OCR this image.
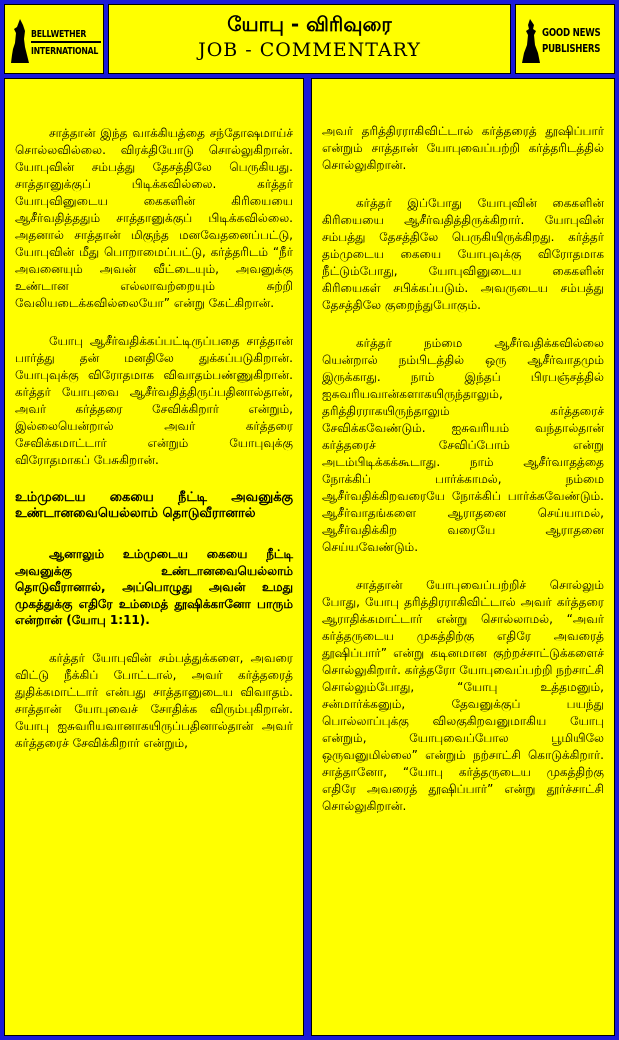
BELLWETHER
INTERNATIONAL
யோபு - விரிவுரை
JOB - COMMENTARY
GOOD NEWS
PUBLISHERS

சாத்தான் இந்த வாக்கியத்தை சந்தோஷமாய்ச் சொல்லவில்லை. விரக்தியோடு சொல்லுகிறான். யோபுவின் சம்பத்து தேசத்திலே பெருகியது. சாத்தானுக்குப் பிடிக்கவில்லை. கர்த்தர் யோபுவினுடைய கைகளின் கிரியையை ஆசீர்வதித்ததும் சாத்தானுக்குப் பிடிக்கவில்லை. அதனால் சாத்தான் மிகுந்த மனவேதனைப்பட்டு, யோபுவின் மீது பொறாமைப்பட்டு, கர்த்தரிடம் “நீர் அவனையும் அவன் வீட்டையும், அவனுக்கு உண்டான எல்லாவற்றையும் சுற்றி வேலியடைக்கவில்லையோ” என்று கேட்கிறான்.

யோபு ஆசீர்வதிக்கப்பட்டிருப்பதை சாத்தான் பார்த்து தன் மனதிலே துக்கப்படுகிறான். யோபுவுக்கு விரோதமாக விவாதம்பண்ணுகிறான். கர்த்தர் யோபுவை ஆசீர்வதித்திருப்பதினால்தான், அவர் கர்த்தரை சேவிக்கிறார் என்றும், இல்லையென்றால் அவர் கர்த்தரை சேவிக்கமாட்டார் என்றும் யோபுவுக்கு விரோதமாகப் பேசுகிறான்.

உம்முடைய கையை நீட்டி அவனுக்கு உண்டானவையெல்லாம் தொடுவீரானால்

ஆனாலும் உம்முடைய கையை நீட்டி அவனுக்கு உண்டானவையெல்லாம் தொடுவீரானால், அப்பொழுது அவன் உமது முகத்துக்கு எதிரே உம்மைத் தூஷிக்கானோ பாரும் என்றான் (யோபு 1:11).

கர்த்தர் யோபுவின் சம்பத்துக்களை, அவரை விட்டு நீக்கிப் போட்டால், அவர் கர்த்தரைத் துதிக்கமாட்டார் என்பது சாத்தானுடைய விவாதம். சாத்தான் யோபுவைச் சோதிக்க விரும்புகிறான். யோபு ஐசுவரியவானாகயிருப்பதினால்தான் அவர் கர்த்தரைச் சேவிக்கிறார் என்றும்,

அவர் தரித்திரராகிவிட்டால் கர்த்தரைத் தூஷிப்பார் என்றும் சாத்தான் யோபுவைப்பற்றி கர்த்தரிடத்தில் சொல்லுகிறான்.

கர்த்தர் இப்போது யோபுவின் கைகளின் கிரியையை ஆசீர்வதித்திருக்கிறார். யோபுவின் சம்பத்து தேசத்திலே பெருகியிருக்கிறது. கர்த்தர் தம்முடைய கையை யோபுவுக்கு விரோதமாக நீட்டும்போது, யோபுவினுடைய கைகளின் கிரியைகள் சபிக்கப்படும். அவருடைய சம்பத்து தேசத்திலே குறைந்துபோகும்.

கர்த்தர் நம்மை ஆசீர்வதிக்கவில்லை யென்றால் நம்பிடத்தில் ஒரு ஆசீர்வாதமும் இருக்காது. நாம் இந்தப் பிரபஞ்சத்தில் ஐசுவரியவான்களாகயிருந்தாலும், தரித்திரராகயிருந்தாலும் கர்த்தரைச் சேவிக்கவேண்டும். ஐசுவரியம் வந்தால்தான் கர்த்தரைச் சேவிப்போம் என்று அடம்பிடிக்கக்கூடாது. நாம் ஆசீர்வாதத்தை நோக்கிப் பார்க்காமல், நம்மை ஆசீர்வதிக்கிறவரையே நோக்கிப் பார்க்கவேண்டும். ஆசீர்வாதங்களை ஆராதனை செய்யாமல், ஆசீர்வதிக்கிற வரையே ஆராதனை செய்யவேண்டும்.

சாத்தான் யோபுவைப்பற்றிச் சொல்லும் போது, யோபு தரித்திரராகிவிட்டால் அவர் கர்த்தரை ஆராதிக்கமாட்டார் என்று சொல்லாமல், “அவர் கர்த்தருடைய முகத்திற்கு எதிரே அவரைத் தூஷிப்பார்” என்று கடினமான குற்றச்சாட்டுக்களைச் சொல்லுகிறார். கர்த்தரோ யோபுவைப்பற்றி நற்சாட்சி சொல்லும்போது, “யோபு உத்தமனும், சன்மார்க்கனும், தேவனுக்குப் பயந்து பொல்லாப்புக்கு விலகுகிறவனுமாகிய யோபு என்றும், யோபுவைப்போல பூமியிலே ஒருவனுமில்லை” என்றும் நற்சாட்சி கொடுக்கிறார். சாத்தானோ, “யோபு கர்த்தருடைய முகத்திற்கு எதிரே அவரைத் தூஷிப்பார்” என்று தூர்ச்சாட்சி சொல்லுகிறான்.
